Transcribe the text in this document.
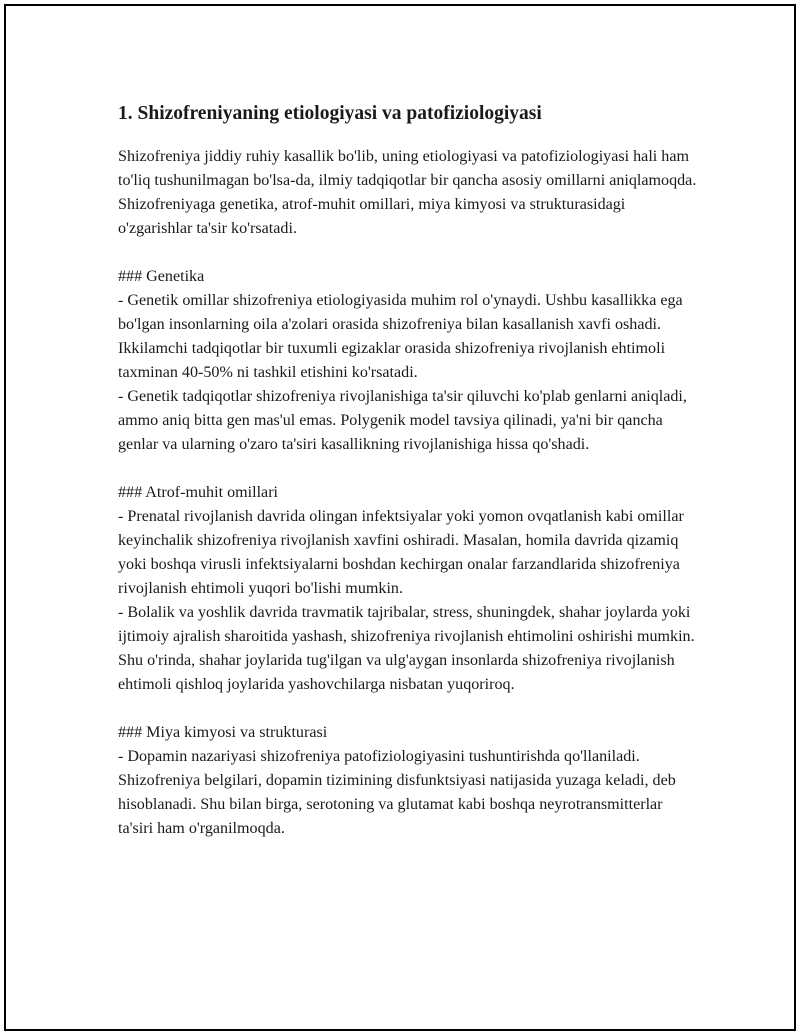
1. Shizofreniyaning etiologiyasi va patofiziologiyasi

Shizofreniya jiddiy ruhiy kasallik bo'lib, uning etiologiyasi va patofiziologiyasi hali ham to'liq tushunilmagan bo'lsa-da, ilmiy tadqiqotlar bir qancha asosiy omillarni aniqlamoqda. Shizofreniyaga genetika, atrof-muhit omillari, miya kimyosi va strukturasidagi o'zgarishlar ta'sir ko'rsatadi.

### Genetika

- Genetik omillar shizofreniya etiologiyasida muhim rol o'ynaydi. Ushbu kasallikka ega bo'lgan insonlarning oila a'zolari orasida shizofreniya bilan kasallanish xavfi oshadi. Ikkilamchi tadqiqotlar bir tuxumli egizaklar orasida shizofreniya rivojlanish ehtimoli taxminan 40-50% ni tashkil etishini ko'rsatadi.

- Genetik tadqiqotlar shizofreniya rivojlanishiga ta'sir qiluvchi ko'plab genlarni aniqladi, ammo aniq bitta gen mas'ul emas. Polygenik model tavsiya qilinadi, ya'ni bir qancha genlar va ularning o'zaro ta'siri kasallikning rivojlanishiga hissa qo'shadi.

### Atrof-muhit omillari

- Prenatal rivojlanish davrida olingan infektsiyalar yoki yomon ovqatlanish kabi omillar keyinchalik shizofreniya rivojlanish xavfini oshiradi. Masalan, homila davrida qizamiq yoki boshqa virusli infektsiyalarni boshdan kechirgan onalar farzandlarida shizofreniya rivojlanish ehtimoli yuqori bo'lishi mumkin.

- Bolalik va yoshlik davrida travmatik tajribalar, stress, shuningdek, shahar joylarda yoki ijtimoiy ajralish sharoitida yashash, shizofreniya rivojlanish ehtimolini oshirishi mumkin. Shu o'rinda, shahar joylarida tug'ilgan va ulg'aygan insonlarda shizofreniya rivojlanish ehtimoli qishloq joylarida yashovchilarga nisbatan yuqoriroq.

### Miya kimyosi va strukturasi

- Dopamin nazariyasi shizofreniya patofiziologiyasini tushuntirishda qo'llaniladi. Shizofreniya belgilari, dopamin tizimining disfunktsiyasi natijasida yuzaga keladi, deb hisoblanadi. Shu bilan birga, serotoning va glutamat kabi boshqa neyrotransmitterlar ta'siri ham o'rganilmoqda.
